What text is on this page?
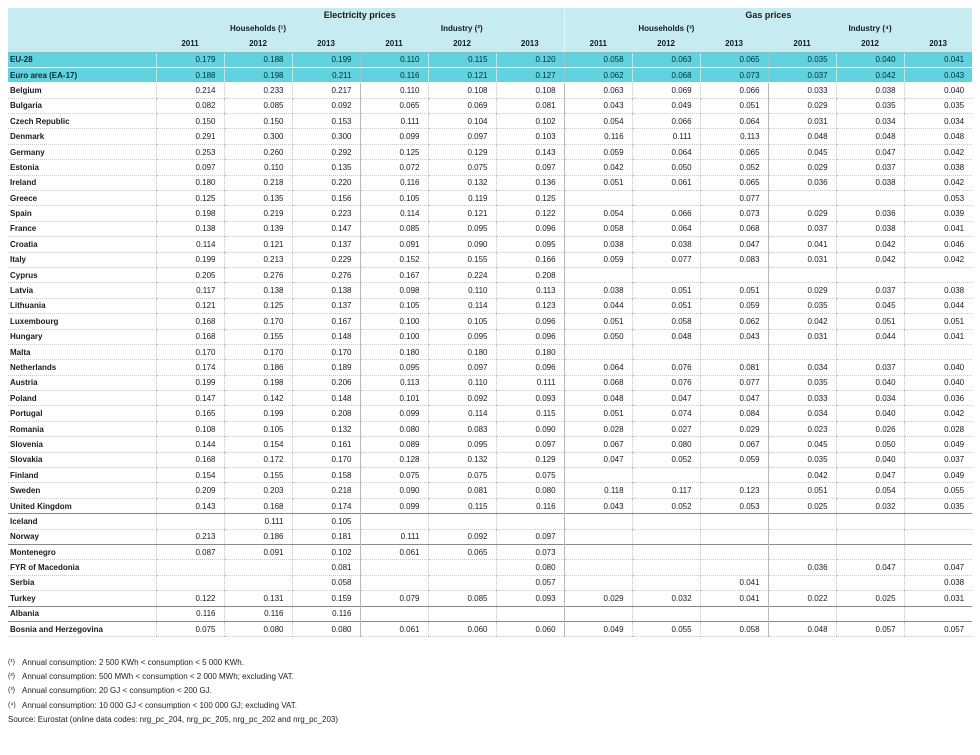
	Electricity prices						Gas prices					
	Households (¹)			Industry (²)			Households (³)			Industry (⁴)		
	2011	2012	2013	2011	2012	2013	2011	2012	2013	2011	2012	2013
EU-28	0.179	0.188	0.199	0.110	0.115	0.120	0.058	0.063	0.065	0.035	0.040	0.041
Euro area (EA-17)	0.188	0.198	0.211	0.116	0.121	0.127	0.062	0.068	0.073	0.037	0.042	0.043
Belgium	0.214	0.233	0.217	0.110	0.108	0.108	0.063	0.069	0.066	0.033	0.038	0.040
Bulgaria	0.082	0.085	0.092	0.065	0.069	0.081	0.043	0.049	0.051	0.029	0.035	0.035
Czech Republic	0.150	0.150	0.153	0.111	0.104	0.102	0.054	0.066	0.064	0.031	0.034	0.034
Denmark	0.291	0.300	0.300	0.099	0.097	0.103	0.116	0.111	0.113	0.048	0.048	0.048
Germany	0.253	0.260	0.292	0.125	0.129	0.143	0.059	0.064	0.065	0.045	0.047	0.042
Estonia	0.097	0.110	0.135	0.072	0.075	0.097	0.042	0.050	0.052	0.029	0.037	0.038
Ireland	0.180	0.218	0.220	0.116	0.132	0.136	0.051	0.061	0.065	0.036	0.038	0.042
Greece	0.125	0.135	0.156	0.105	0.119	0.125			0.077			0.053
Spain	0.198	0.219	0.223	0.114	0.121	0.122	0.054	0.066	0.073	0.029	0.036	0.039
France	0.138	0.139	0.147	0.085	0.095	0.096	0.058	0.064	0.068	0.037	0.038	0.041
Croatia	0.114	0.121	0.137	0.091	0.090	0.095	0.038	0.038	0.047	0.041	0.042	0.046
Italy	0.199	0.213	0.229	0.152	0.155	0.166	0.059	0.077	0.083	0.031	0.042	0.042
Cyprus	0.205	0.276	0.276	0.167	0.224	0.208						
Latvia	0.117	0.138	0.138	0.098	0.110	0.113	0.038	0.051	0.051	0.029	0.037	0.038
Lithuania	0.121	0.125	0.137	0.105	0.114	0.123	0.044	0.051	0.059	0.035	0.045	0.044
Luxembourg	0.168	0.170	0.167	0.100	0.105	0.096	0.051	0.058	0.062	0.042	0.051	0.051
Hungary	0.168	0.155	0.148	0.100	0.095	0.096	0.050	0.048	0.043	0.031	0.044	0.041
Malta	0.170	0.170	0.170	0.180	0.180	0.180						
Netherlands	0.174	0.186	0.189	0.095	0.097	0.096	0.064	0.076	0.081	0.034	0.037	0.040
Austria	0.199	0.198	0.206	0.113	0.110	0.111	0.068	0.076	0.077	0.035	0.040	0.040
Poland	0.147	0.142	0.148	0.101	0.092	0.093	0.048	0.047	0.047	0.033	0.034	0.036
Portugal	0.165	0.199	0.208	0.099	0.114	0.115	0.051	0.074	0.084	0.034	0.040	0.042
Romania	0.108	0.105	0.132	0.080	0.083	0.090	0.028	0.027	0.029	0.023	0.026	0.028
Slovenia	0.144	0.154	0.161	0.089	0.095	0.097	0.067	0.080	0.067	0.045	0.050	0.049
Slovakia	0.168	0.172	0.170	0.128	0.132	0.129	0.047	0.052	0.059	0.035	0.040	0.037
Finland	0.154	0.155	0.158	0.075	0.075	0.075				0.042	0.047	0.049
Sweden	0.209	0.203	0.218	0.090	0.081	0.080	0.118	0.117	0.123	0.051	0.054	0.055
United Kingdom	0.143	0.168	0.174	0.099	0.115	0.116	0.043	0.052	0.053	0.025	0.032	0.035
Iceland		0.111	0.105									
Norway	0.213	0.186	0.181	0.111	0.092	0.097						
Montenegro	0.087	0.091	0.102	0.061	0.065	0.073						
FYR of Macedonia			0.081			0.080				0.036	0.047	0.047
Serbia			0.058			0.057			0.041			0.038
Turkey	0.122	0.131	0.159	0.079	0.085	0.093	0.029	0.032	0.041	0.022	0.025	0.031
Albania	0.116	0.116	0.116									
Bosnia and Herzegovina	0.075	0.080	0.080	0.061	0.060	0.060	0.049	0.055	0.058	0.048	0.057	0.057
(¹) Annual consumption: 2 500 KWh < consumption < 5 000 KWh.
(²) Annual consumption: 500 MWh < consumption < 2 000 MWh; excluding VAT.
(³) Annual consumption: 20 GJ < consumption < 200 GJ.
(⁴) Annual consumption: 10 000 GJ < consumption < 100 000 GJ; excluding VAT.
Source: Eurostat (online data codes: nrg_pc_204, nrg_pc_205, nrg_pc_202 and nrg_pc_203)
